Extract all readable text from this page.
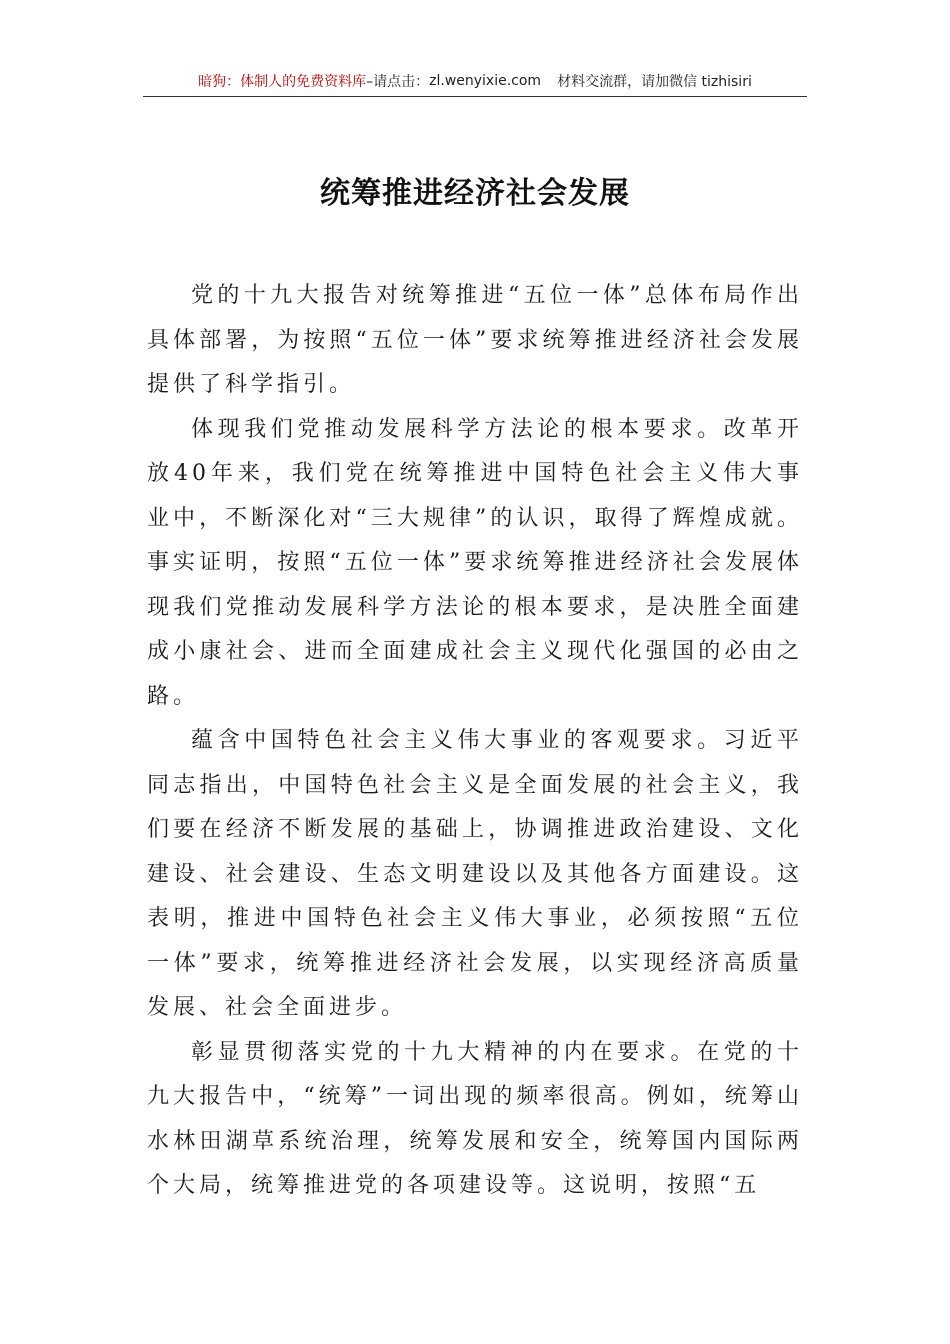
暗狗：体制人的免费资料库 –请点击： zl.wenyixie.com 材料交流群，请加微信 tizhisiri
统筹推进经济社会发展

党的十九大报告对统筹推进“五位一体”总体布局作出具体部署，为按照“五位一体”要求统筹推进经济社会发展提供了科学指引。

体现我们党推动发展科学方法论的根本要求。改革开放40年来，我们党在统筹推进中国特色社会主义伟大事业中，不断深化对“三大规律”的认识，取得了辉煌成就。事实证明，按照“五位一体”要求统筹推进经济社会发展体现我们党推动发展科学方法论的根本要求，是决胜全面建成小康社会、进而全面建成社会主义现代化强国的必由之路。

蕴含中国特色社会主义伟大事业的客观要求。习近平同志指出，中国特色社会主义是全面发展的社会主义，我们要在经济不断发展的基础上，协调推进政治建设、文化建设、社会建设、生态文明建设以及其他各方面建设。这表明，推进中国特色社会主义伟大事业，必须按照“五位一体”要求，统筹推进经济社会发展，以实现经济高质量发展、社会全面进步。

彰显贯彻落实党的十九大精神的内在要求。在党的十九大报告中，“统筹”一词出现的频率很高。例如，统筹山水林田湖草系统治理，统筹发展和安全，统筹国内国际两个大局，统筹推进党的各项建设等。这说明，按照“五
